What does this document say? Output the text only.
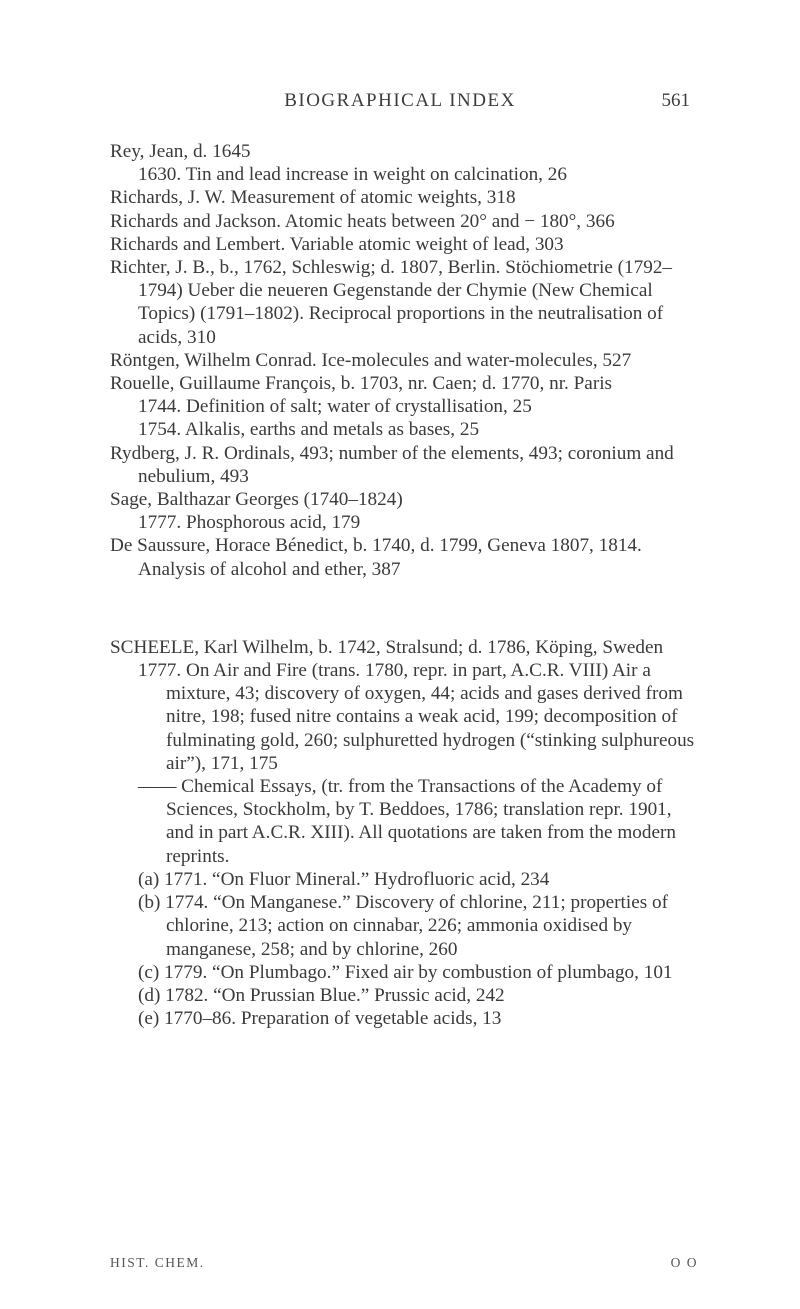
BIOGRAPHICAL INDEX	561

Rey, Jean, d. 1645

1630. Tin and lead increase in weight on calcination, 26

Richards, J. W. Measurement of atomic weights, 318

Richards and Jackson. Atomic heats between 20° and − 180°, 366

Richards and Lembert. Variable atomic weight of lead, 303

Richter, J. B., b., 1762, Schleswig; d. 1807, Berlin. Stöchiometrie (1792–1794) Ueber die neueren Gegenstande der Chymie (New Chemical Topics) (1791–1802). Reciprocal proportions in the neutralisation of acids, 310

Röntgen, Wilhelm Conrad. Ice-molecules and water-molecules, 527

Rouelle, Guillaume François, b. 1703, nr. Caen; d. 1770, nr. Paris

1744. Definition of salt; water of crystallisation, 25

1754. Alkalis, earths and metals as bases, 25

Rydberg, J. R. Ordinals, 493; number of the elements, 493; coronium and nebulium, 493

Sage, Balthazar Georges (1740–1824)

1777. Phosphorous acid, 179

De Saussure, Horace Bénedict, b. 1740, d. 1799, Geneva 1807, 1814. Analysis of alcohol and ether, 387

SCHEELE, Karl Wilhelm, b. 1742, Stralsund; d. 1786, Köping, Sweden

1777. On Air and Fire (trans. 1780, repr. in part, A.C.R. VIII) Air a mixture, 43; discovery of oxygen, 44; acids and gases derived from nitre, 198; fused nitre contains a weak acid, 199; decomposition of fulminating gold, 260; sulphuretted hydrogen (“stinking sulphureous air”), 171, 175

—— Chemical Essays, (tr. from the Transactions of the Academy of Sciences, Stockholm, by T. Beddoes, 1786; translation repr. 1901, and in part A.C.R. XIII). All quotations are taken from the modern reprints.

(a) 1771. “On Fluor Mineral.” Hydrofluoric acid, 234

(b) 1774. “On Manganese.” Discovery of chlorine, 211; properties of chlorine, 213; action on cinnabar, 226; ammonia oxidised by manganese, 258; and by chlorine, 260

(c) 1779. “On Plumbago.” Fixed air by combustion of plumbago, 101

(d) 1782. “On Prussian Blue.” Prussic acid, 242

(e) 1770–86. Preparation of vegetable acids, 13

HIST. CHEM.	O O
